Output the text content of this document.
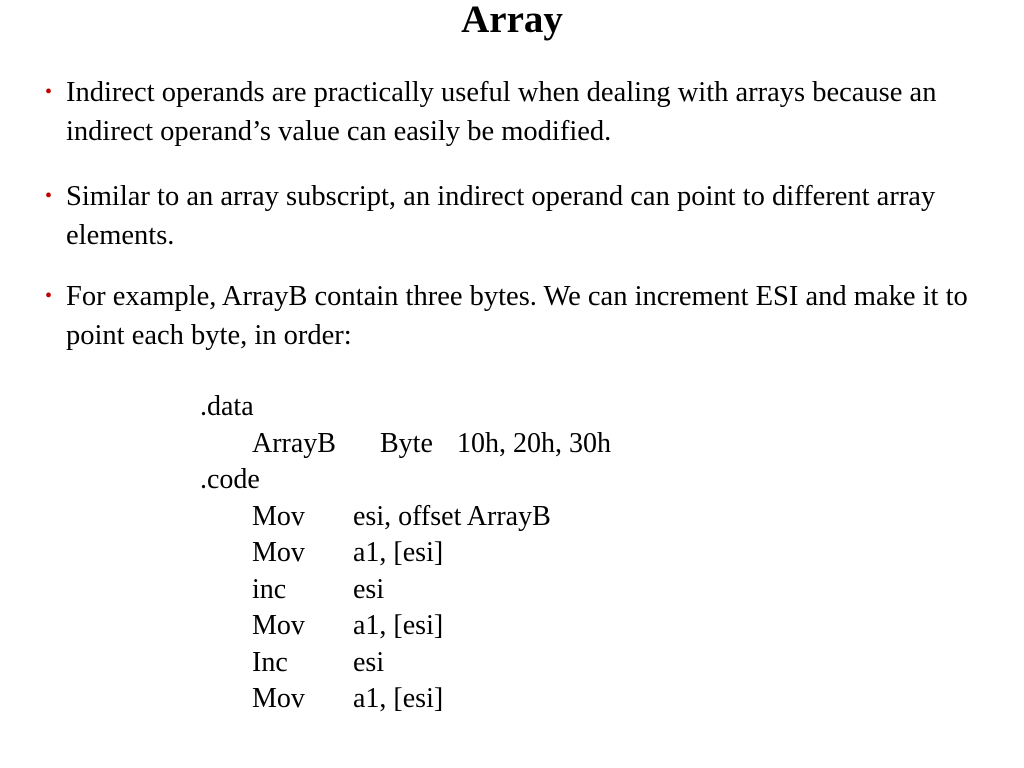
Array
• Indirect operands are practically useful when dealing with arrays because an indirect operand’s value can easily be modified.
• Similar to an array subscript, an indirect operand can point to different array elements.
• For example, ArrayB contain three bytes. We can increment ESI and make it to point each byte, in order:
.data
ArrayB Byte 10h, 20h, 30h
.code
Mov esi, offset ArrayB
Mov a1, [esi]
inc esi
Mov a1, [esi]
Inc esi
Mov a1, [esi]
